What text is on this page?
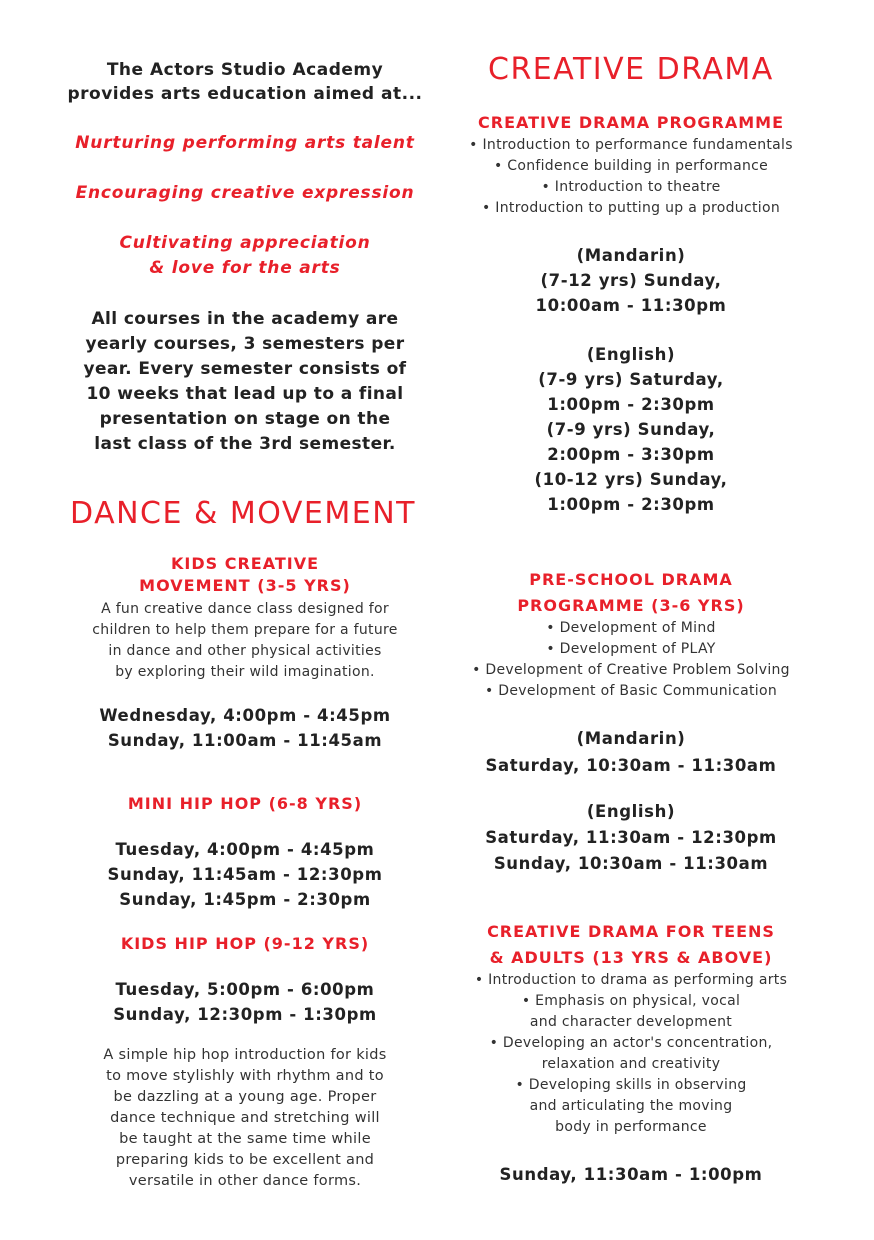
The Actors Studio Academy
provides arts education aimed at...
Nurturing performing arts talent
Encouraging creative expression
Cultivating appreciation
& love for the arts
All courses in the academy are
yearly courses, 3 semesters per
year. Every semester consists of
10 weeks that lead up to a final
presentation on stage on the
last class of the 3rd semester.
DANCE & MOVEMENT
KIDS CREATIVE
MOVEMENT (3-5 YRS)
A fun creative dance class designed for
children to help them prepare for a future
in dance and other physical activities
by exploring their wild imagination.
Wednesday, 4:00pm - 4:45pm
Sunday, 11:00am - 11:45am
MINI HIP HOP (6-8 YRS)
Tuesday, 4:00pm - 4:45pm
Sunday, 11:45am - 12:30pm
Sunday, 1:45pm - 2:30pm
KIDS HIP HOP (9-12 YRS)
Tuesday, 5:00pm - 6:00pm
Sunday, 12:30pm - 1:30pm
A simple hip hop introduction for kids
to move stylishly with rhythm and to
be dazzling at a young age. Proper
dance technique and stretching will
be taught at the same time while
preparing kids to be excellent and
versatile in other dance forms.
CREATIVE DRAMA
CREATIVE DRAMA PROGRAMME
• Introduction to performance fundamentals
• Confidence building in performance
• Introduction to theatre
• Introduction to putting up a production
(Mandarin)
(7-12 yrs) Sunday,
10:00am - 11:30pm
(English)
(7-9 yrs) Saturday,
1:00pm - 2:30pm
(7-9 yrs) Sunday,
2:00pm - 3:30pm
(10-12 yrs) Sunday,
1:00pm - 2:30pm
PRE-SCHOOL DRAMA
PROGRAMME (3-6 YRS)
• Development of Mind
• Development of PLAY
• Development of Creative Problem Solving
• Development of Basic Communication
(Mandarin)
Saturday, 10:30am - 11:30am
(English)
Saturday, 11:30am - 12:30pm
Sunday, 10:30am - 11:30am
CREATIVE DRAMA FOR TEENS
& ADULTS (13 YRS & ABOVE)
• Introduction to drama as performing arts
• Emphasis on physical, vocal
and character development
• Developing an actor's concentration,
relaxation and creativity
• Developing skills in observing
and articulating the moving
body in performance
Sunday, 11:30am - 1:00pm
